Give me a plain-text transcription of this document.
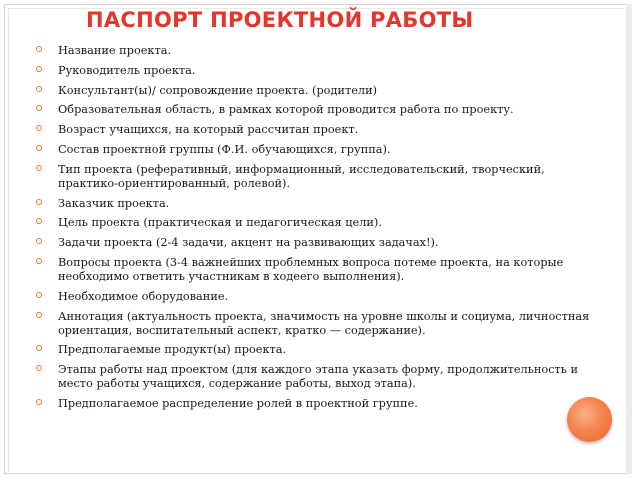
ПАСПОРТ ПРОЕКТНОЙ РАБОТЫ
Название проекта.
Руководитель проекта.
Консультант(ы)/ сопровождение проекта. (родители)
Образовательная область, в рамках которой проводится работа по проекту.
Возраст учащихся, на который рассчитан проект.
Состав проектной группы (Ф.И. обучающихся, группа).
Тип проекта (реферативный, информационный, исследовательский, творческий, практико-ориентированный, ролевой).
Заказчик проекта.
Цель проекта (практическая и педагогическая цели).
Задачи проекта (2-4 задачи, акцент на развивающих задачах!).
Вопросы проекта (3-4 важнейших проблемных вопроса потеме проекта, на которые необходимо ответить участникам в ходеего выполнения).
Необходимое оборудование.
Аннотация (актуальность проекта, значимость на уровне школы и социума, личностная ориентация, воспитательный аспект, кратко — содержание).
Предполагаемые продукт(ы) проекта.
Этапы работы над проектом (для каждого этапа указать форму, продолжительность и место работы учащихся, содержание работы, выход этапа).
Предполагаемое распределение ролей в проектной группе.
